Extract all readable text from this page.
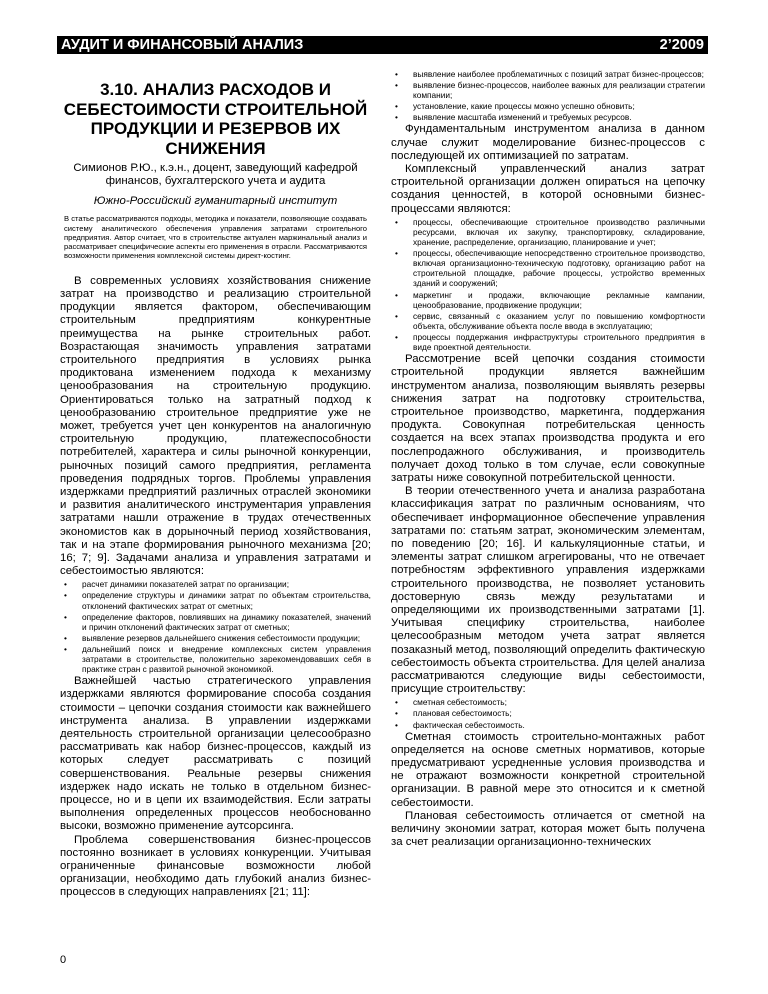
АУДИТ И ФИНАНСОВЫЙ АНАЛИЗ	2’2009
3.10. АНАЛИЗ РАСХОДОВ И СЕБЕСТОИМОСТИ СТРОИТЕЛЬНОЙ ПРОДУКЦИИ И РЕЗЕРВОВ ИХ СНИЖЕНИЯ
Симионов Р.Ю., к.э.н., доцент, заведующий кафедрой финансов, бухгалтерского учета и аудита
Южно-Российский гуманитарный институт
В статье рассматриваются подходы, методика и показатели, позволяющие создавать систему аналитического обеспечения управления затратами строительного предприятия. Автор считает, что в строительстве актуален маржинальный анализ и рассматривает специфические аспекты его применения в отрасли. Рассматриваются возможности применения комплексной системы директ-костинг.

В современных условиях хозяйствования снижение затрат на производство и реализацию строительной продукции является фактором, обеспечивающим строительным предприятиям конкурентные преимущества на рынке строительных работ. Возрастающая значимость управления затратами строительного предприятия в условиях рынка продиктована изменением подхода к механизму ценообразования на строительную продукцию. Ориентироваться только на затратный подход к ценообразованию строительное предприятие уже не может, требуется учет цен конкурентов на аналогичную строительную продукцию, платежеспособности потребителей, характера и силы рыночной конкуренции, рыночных позиций самого предприятия, регламента проведения подрядных торгов. Проблемы управления издержками предприятий различных отраслей экономики и развития аналитического инструментария управления затратами нашли отражение в трудах отечественных экономистов как в дорыночный период хозяйствования, так и на этапе формирования рыночного механизма [20; 16; 7; 9]. Задачами анализа и управления затратами и себестоимостью являются:

• расчет динамики показателей затрат по организации;
• определение структуры и динамики затрат по объектам строительства, отклонений фактических затрат от сметных;
• определение факторов, повлиявших на динамику показателей, значений и причин отклонений фактических затрат от сметных;
• выявление резервов дальнейшего снижения себестоимости продукции;
• дальнейший поиск и внедрение комплексных систем управления затратами в строительстве, положительно зарекомендовавших себя в практике стран с развитой рыночной экономикой.

Важнейшей частью стратегического управления издержками являются формирование способа создания стоимости – цепочки создания стоимости как важнейшего инструмента анализа. В управлении издержками деятельность строительной организации целесообразно рассматривать как набор бизнес-процессов, каждый из которых следует рассматривать с позиций совершенствования. Реальные резервы снижения издержек надо искать не только в отдельном бизнес-процессе, но и в цепи их взаимодействия. Если затраты выполнения определенных процессов необоснованно высоки, возможно применение аутсорсинга.

Проблема совершенствования бизнес-процессов постоянно возникает в условиях конкуренции. Учитывая ограниченные финансовые возможности любой организации, необходимо дать глубокий анализ бизнес-процессов в следующих направлениях [21; 11]:

• выявление наиболее проблематичных с позиций затрат бизнес-процессов;
• выявление бизнес-процессов, наиболее важных для реализации стратегии компании;
• установление, какие процессы можно успешно обновить;
• выявление масштаба изменений и требуемых ресурсов.

Фундаментальным инструментом анализа в данном случае служит моделирование бизнес-процессов с последующей их оптимизацией по затратам.

Комплексный управленческий анализ затрат строительной организации должен опираться на цепочку создания ценностей, в которой основными бизнес-процессами являются:

• процессы, обеспечивающие строительное производство различными ресурсами, включая их закупку, транспортировку, складирование, хранение, распределение, организацию, планирование и учет;
• процессы, обеспечивающие непосредственно строительное производство, включая организационно-техническую подготовку, организацию работ на строительной площадке, рабочие процессы, устройство временных зданий и сооружений;
• маркетинг и продажи, включающие рекламные кампании, ценообразование, продвижение продукции;
• сервис, связанный с оказанием услуг по повышению комфортности объекта, обслуживание объекта после ввода в эксплуатацию;
• процессы поддержания инфраструктуры строительного предприятия в виде проектной деятельности.

Рассмотрение всей цепочки создания стоимости строительной продукции является важнейшим инструментом анализа, позволяющим выявлять резервы снижения затрат на подготовку строительства, строительное производство, маркетинга, поддержания продукта. Совокупная потребительская ценность создается на всех этапах производства продукта и его послепродажного обслуживания, и производитель получает доход только в том случае, если совокупные затраты ниже совокупной потребительской ценности.

В теории отечественного учета и анализа разработана классификация затрат по различным основаниям, что обеспечивает информационное обеспечение управления затратами по: статьям затрат, экономическим элементам, по поведению [20; 16]. И калькуляционные статьи, и элементы затрат слишком агрегированы, что не отвечает потребностям эффективного управления издержками строительного производства, не позволяет установить достоверную связь между результатами и определяющими их производственными затратами [1]. Учитывая специфику строительства, наиболее целесообразным методом учета затрат является позаказный метод, позволяющий определить фактическую себестоимость объекта строительства. Для целей анализа рассматриваются следующие виды себестоимости, присущие строительству:

• сметная себестоимость;
• плановая себестоимость;
• фактическая себестоимость.

Сметная стоимость строительно-монтажных работ определяется на основе сметных нормативов, которые предусматривают усредненные условия производства и не отражают возможности конкретной строительной организации. В равной мере это относится и к сметной себестоимости.

Плановая себестоимость отличается от сметной на величину экономии затрат, которая может быть получена за счет реализации организационно-технических

0
